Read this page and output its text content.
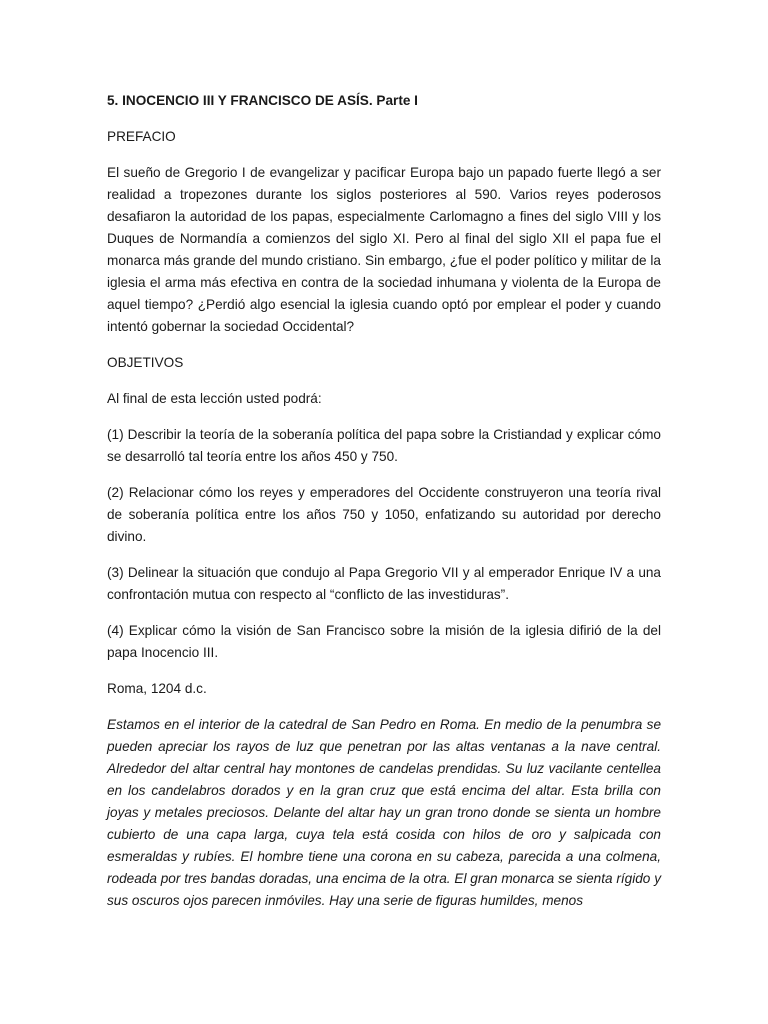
5. INOCENCIO III Y FRANCISCO DE ASÍS. Parte I

PREFACIO

El sueño de Gregorio I de evangelizar y pacificar Europa bajo un papado fuerte llegó a ser realidad a tropezones durante los siglos posteriores al 590. Varios reyes poderosos desafiaron la autoridad de los papas, especialmente Carlomagno a fines del siglo VIII y los Duques de Normandía a comienzos del siglo XI. Pero al final del siglo XII el papa fue el monarca más grande del mundo cristiano. Sin embargo, ¿fue el poder político y militar de la iglesia el arma más efectiva en contra de la sociedad inhumana y violenta de la Europa de aquel tiempo? ¿Perdió algo esencial la iglesia cuando optó por emplear el poder y cuando intentó gobernar la sociedad Occidental?

OBJETIVOS

Al final de esta lección usted podrá:

(1) Describir la teoría de la soberanía política del papa sobre la Cristiandad y explicar cómo se desarrolló tal teoría entre los años 450 y 750.

(2) Relacionar cómo los reyes y emperadores del Occidente construyeron una teoría rival de soberanía política entre los años 750 y 1050, enfatizando su autoridad por derecho divino.

(3) Delinear la situación que condujo al Papa Gregorio VII y al emperador Enrique IV a una confrontación mutua con respecto al “conflicto de las investiduras”.

(4) Explicar cómo la visión de San Francisco sobre la misión de la iglesia difirió de la del papa Inocencio III.

Roma, 1204 d.c.

Estamos en el interior de la catedral de San Pedro en Roma. En medio de la penumbra se pueden apreciar los rayos de luz que penetran por las altas ventanas a la nave central. Alrededor del altar central hay montones de candelas prendidas. Su luz vacilante centellea en los candelabros dorados y en la gran cruz que está encima del altar. Esta brilla con joyas y metales preciosos. Delante del altar hay un gran trono donde se sienta un hombre cubierto de una capa larga, cuya tela está cosida con hilos de oro y salpicada con esmeraldas y rubíes. El hombre tiene una corona en su cabeza, parecida a una colmena, rodeada por tres bandas doradas, una encima de la otra. El gran monarca se sienta rígido y sus oscuros ojos parecen inmóviles. Hay una serie de figuras humildes, menos
